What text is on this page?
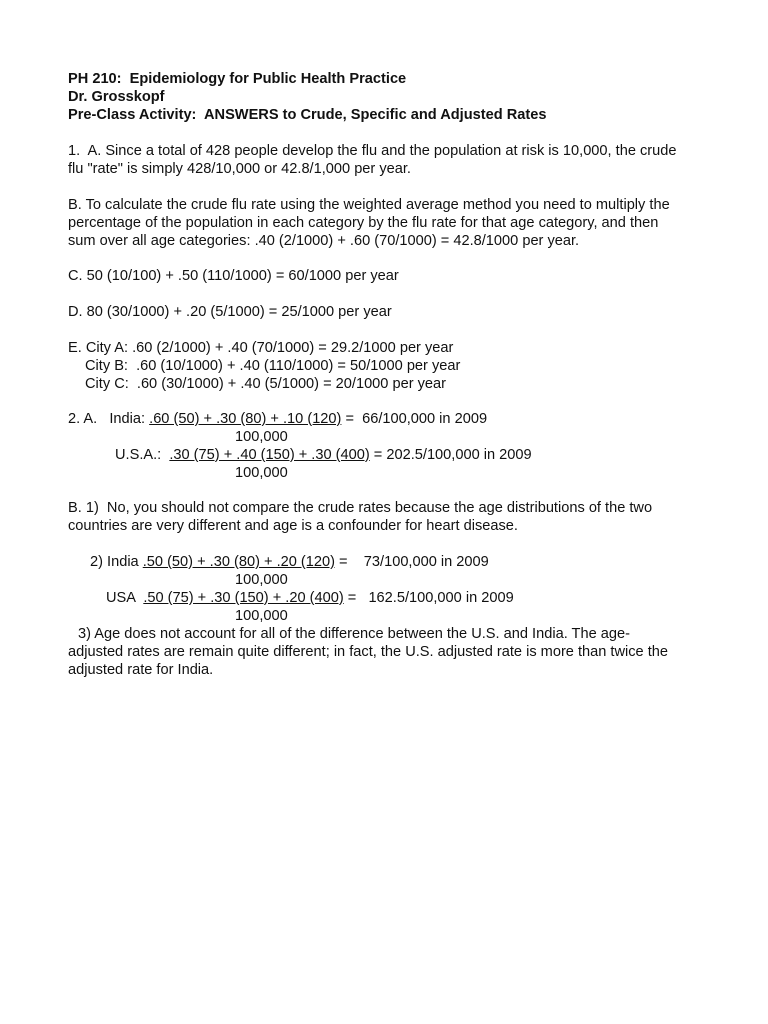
PH 210:  Epidemiology for Public Health Practice
Dr. Grosskopf
Pre-Class Activity:  ANSWERS to Crude, Specific and Adjusted Rates
1.  A. Since a total of 428 people develop the flu and the population at risk is 10,000, the crude
flu "rate" is simply 428/10,000 or 42.8/1,000 per year.
B. To calculate the crude flu rate using the weighted average method you need to multiply the
percentage of the population in each category by the flu rate for that age category, and then
sum over all age categories: .40 (2/1000) + .60 (70/1000) = 42.8/1000 per year.
C. 50 (10/100) + .50 (110/1000) = 60/1000 per year
D. 80 (30/1000) + .20 (5/1000) = 25/1000 per year
E. City A: .60 (2/1000) + .40 (70/1000) = 29.2/1000 per year
City B:  .60 (10/1000) + .40 (110/1000) = 50/1000 per year
City C:  .60 (30/1000) + .40 (5/1000) = 20/1000 per year
2. A.   India: .60 (50) + .30 (80) + .10 (120) =  66/100,000 in 2009
100,000
U.S.A.:  .30 (75) + .40 (150) + .30 (400) = 202.5/100,000 in 2009
100,000
B. 1)  No, you should not compare the crude rates because the age distributions of the two
countries are very different and age is a confounder for heart disease.
2) India .50 (50) + .30 (80) + .20 (120) =    73/100,000 in 2009
100,000
USA  .50 (75) + .30 (150) + .20 (400) =   162.5/100,000 in 2009
100,000
3) Age does not account for all of the difference between the U.S. and India. The age-
adjusted rates are remain quite different; in fact, the U.S. adjusted rate is more than twice the
adjusted rate for India.
